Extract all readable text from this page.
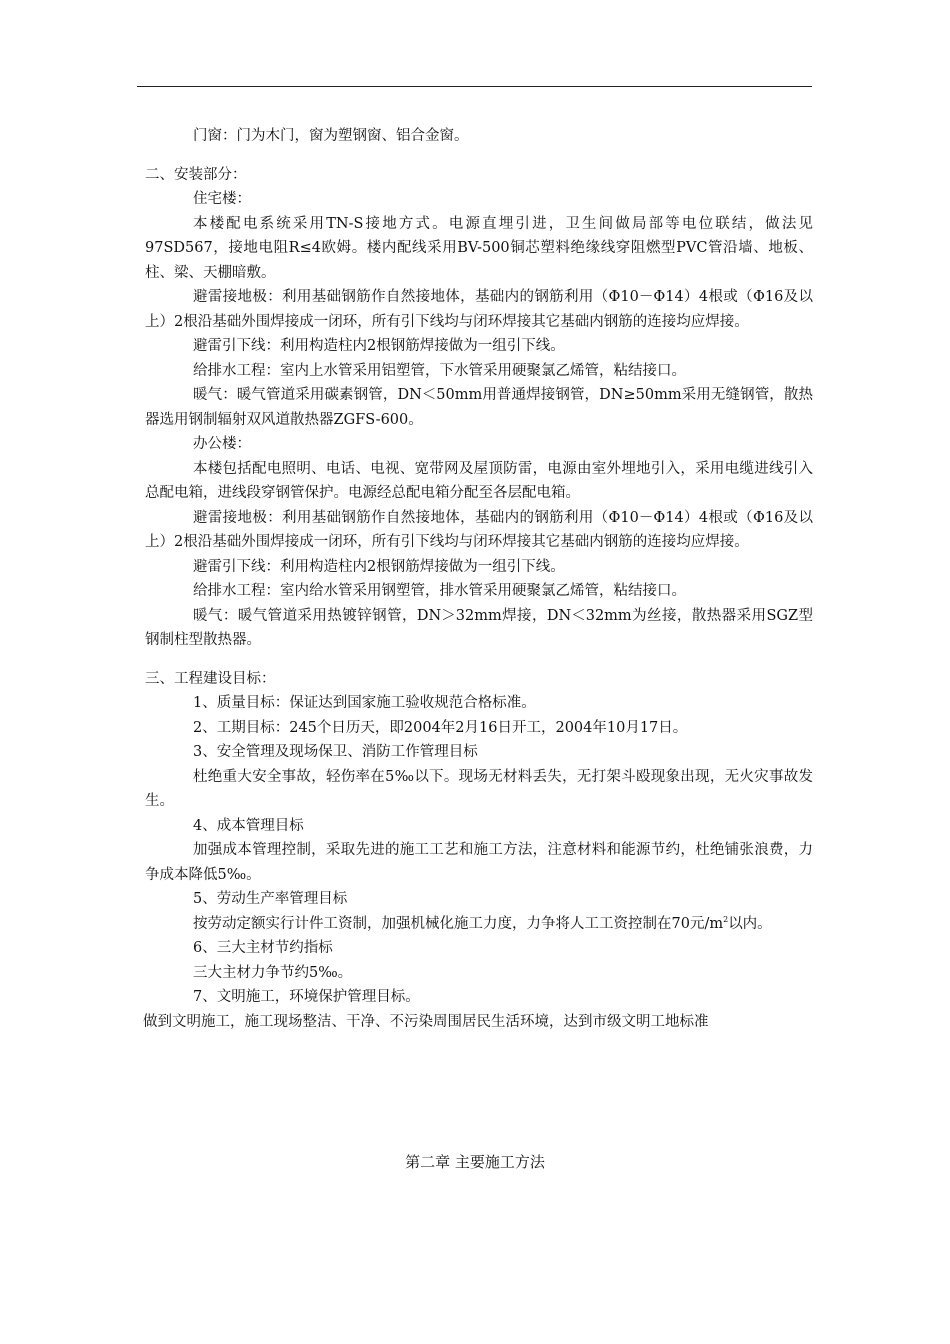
门窗：门为木门，窗为塑钢窗、铝合金窗。

二、安装部分：

住宅楼：

本楼配电系统采用TN-S接地方式。电源直埋引进，卫生间做局部等电位联结，做法见97SD567，接地电阻R≤4欧姆。楼内配线采用BV-500铜芯塑料绝缘线穿阻燃型PVC管沿墙、地板、柱、梁、天棚暗敷。

避雷接地极：利用基础钢筋作自然接地体，基础内的钢筋利用（Φ10－Φ14）4根或（Φ16及以上）2根沿基础外围焊接成一闭环，所有引下线均与闭环焊接其它基础内钢筋的连接均应焊接。

避雷引下线：利用构造柱内2根钢筋焊接做为一组引下线。

给排水工程：室内上水管采用铝塑管，下水管采用硬聚氯乙烯管，粘结接口。

暖气：暖气管道采用碳素钢管，DN＜50mm用普通焊接钢管，DN≥50mm采用无缝钢管，散热器选用钢制辐射双风道散热器ZGFS-600。

办公楼：

本楼包括配电照明、电话、电视、宽带网及屋顶防雷，电源由室外埋地引入，采用电缆进线引入总配电箱，进线段穿钢管保护。电源经总配电箱分配至各层配电箱。

避雷接地极：利用基础钢筋作自然接地体，基础内的钢筋利用（Φ10－Φ14）4根或（Φ16及以上）2根沿基础外围焊接成一闭环，所有引下线均与闭环焊接其它基础内钢筋的连接均应焊接。

避雷引下线：利用构造柱内2根钢筋焊接做为一组引下线。

给排水工程：室内给水管采用钢塑管，排水管采用硬聚氯乙烯管，粘结接口。

暖气：暖气管道采用热镀锌钢管，DN＞32mm焊接，DN＜32mm为丝接，散热器采用SGZ型钢制柱型散热器。

三、工程建设目标：

1、质量目标：保证达到国家施工验收规范合格标准。

2、工期目标：245个日历天，即2004年2月16日开工，2004年10月17日。

3、安全管理及现场保卫、消防工作管理目标

杜绝重大安全事故，轻伤率在5‰以下。现场无材料丢失，无打架斗殴现象出现，无火灾事故发生。

4、成本管理目标

加强成本管理控制，采取先进的施工工艺和施工方法，注意材料和能源节约，杜绝铺张浪费，力争成本降低5‰。

5、劳动生产率管理目标

按劳动定额实行计件工资制，加强机械化施工力度，力争将人工工资控制在70元$/m^2$以内。

6、三大主材节约指标

三大主材力争节约5‰。

7、文明施工，环境保护管理目标。

做到文明施工，施工现场整洁、干净、不污染周围居民生活环境，达到市级文明工地标准

第二章 主要施工方法
